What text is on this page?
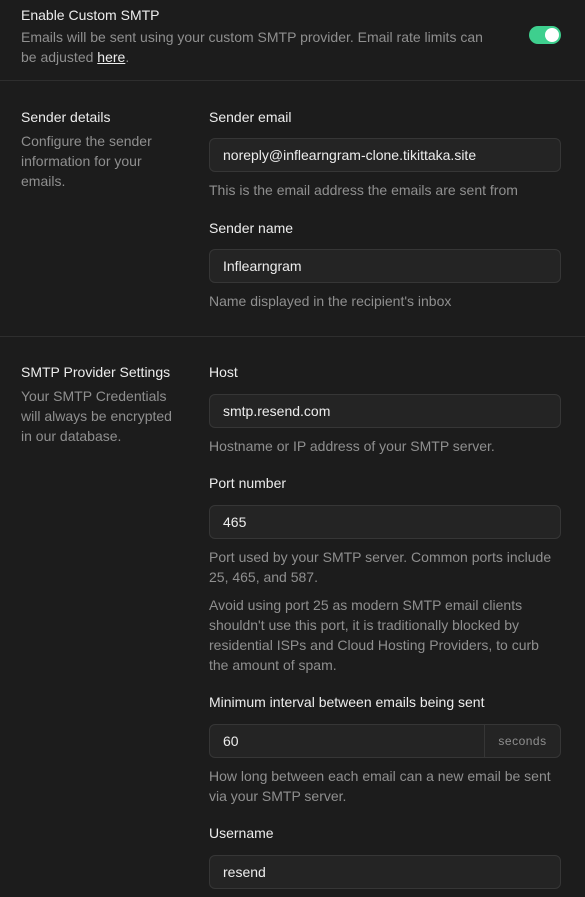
Enable Custom SMTP
Emails will be sent using your custom SMTP provider. Email rate limits can be adjusted here.
Sender details
Configure the sender information for your emails.
Sender email
noreply@inflearngram-clone.tikittaka.site
This is the email address the emails are sent from
Sender name
Inflearngram
Name displayed in the recipient's inbox
SMTP Provider Settings
Your SMTP Credentials will always be encrypted in our database.
Host
smtp.resend.com
Hostname or IP address of your SMTP server.
Port number
465
Port used by your SMTP server. Common ports include 25, 465, and 587.
Avoid using port 25 as modern SMTP email clients shouldn't use this port, it is traditionally blocked by residential ISPs and Cloud Hosting Providers, to curb the amount of spam.
Minimum interval between emails being sent
60	seconds
How long between each email can a new email be sent via your SMTP server.
Username
resend
